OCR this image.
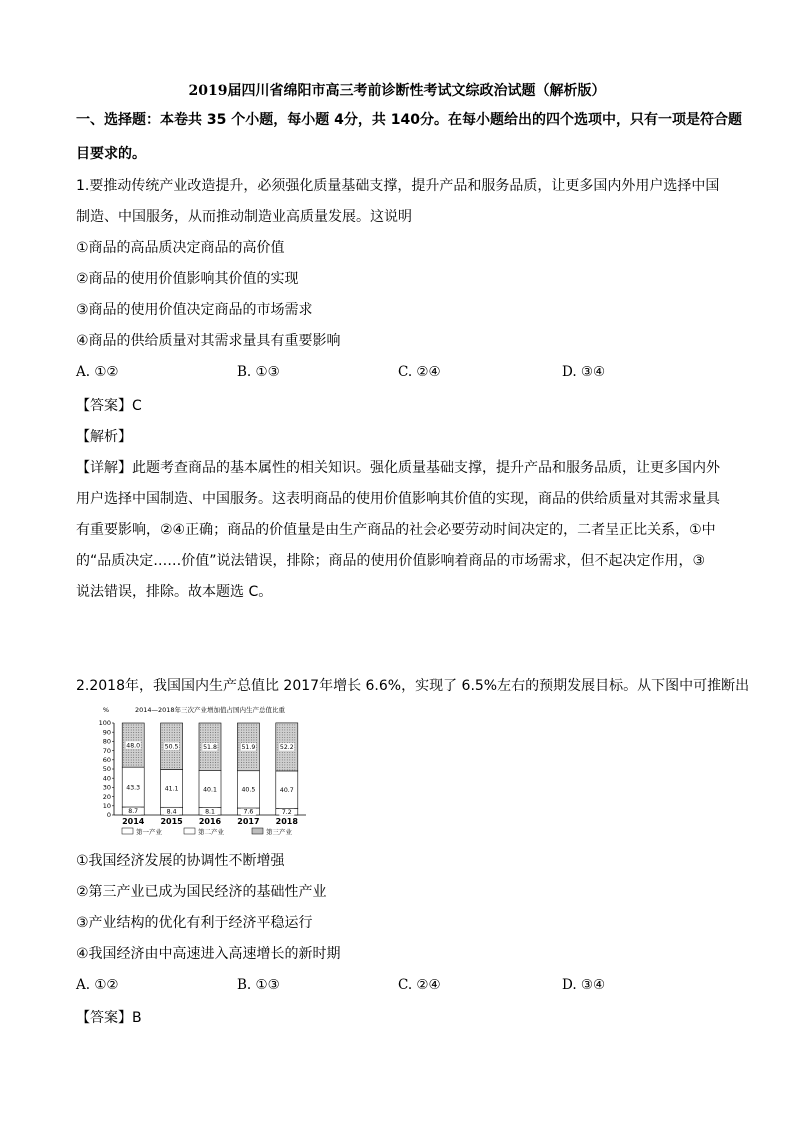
2019届四川省绵阳市高三考前诊断性考试文综政治试题（解析版）
一、选择题：本卷共 35 个小题，每小题 4分，共 140分。在每小题给出的四个选项中，只有一项是符合题
目要求的。
1.要推动传统产业改造提升，必须强化质量基础支撑，提升产品和服务品质，让更多国内外用户选择中国
制造、中国服务，从而推动制造业高质量发展。这说明
①商品的高品质决定商品的高价值
②商品的使用价值影响其价值的实现
③商品的使用价值决定商品的市场需求
④商品的供给质量对其需求量具有重要影响
A. ①②	B. ①③	C. ②④	D. ③④
【答案】C
【解析】
【详解】此题考查商品的基本属性的相关知识。强化质量基础支撑，提升产品和服务品质，让更多国内外
用户选择中国制造、中国服务。这表明商品的使用价值影响其价值的实现，商品的供给质量对其需求量具
有重要影响，②④正确；商品的价值量是由生产商品的社会必要劳动时间决定的，二者呈正比关系，①中
的“品质决定……价值”说法错误，排除；商品的使用价值影响着商品的市场需求，但不起决定作用，③
说法错误，排除。故本题选 C。
2.2018年，我国国内生产总值比 2017年增长 6.6%，实现了 6.5%左右的预期发展目标。从下图中可推断出
2014—2018年三次产业增加值占国内生产总值比重
%
0
10
20
30
40
50
60
70
80
90
100
8.7
43.3
48.0
8.4
41.1
50.5
8.1
40.1
51.8
7.6
40.5
51.9
7.2
40.7
52.2
2014 2015 2016 2017 2018
第一产业	第二产业	第三产业
①我国经济发展的协调性不断增强
②第三产业已成为国民经济的基础性产业
③产业结构的优化有利于经济平稳运行
④我国经济由中高速进入高速增长的新时期
A. ①②	B. ①③	C. ②④	D. ③④
【答案】B
